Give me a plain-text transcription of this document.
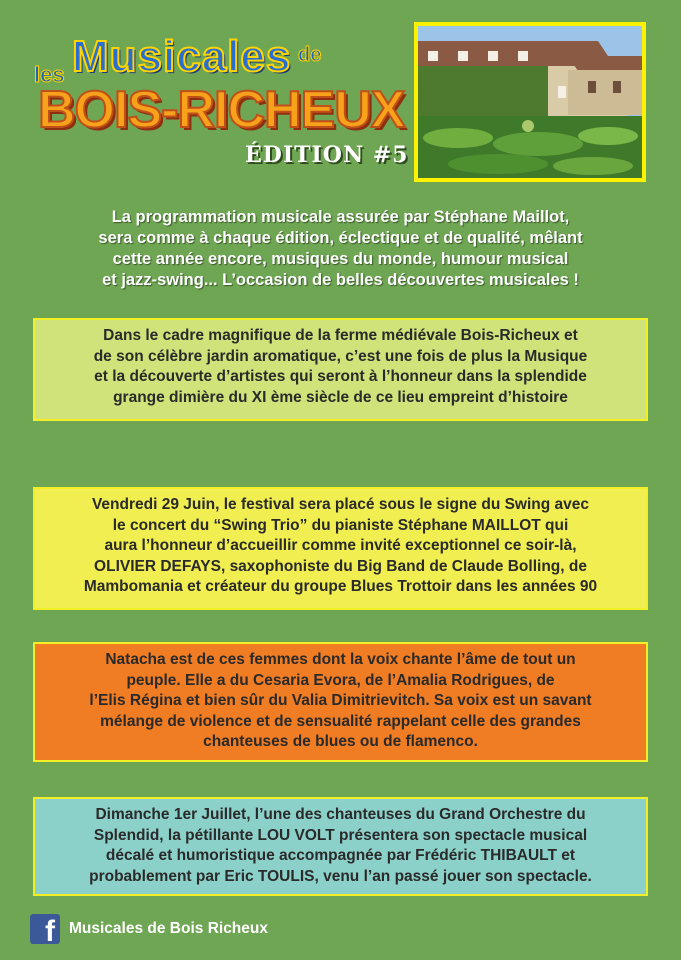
les Musicales de
BOIS-RICHEUX
ÉDITION #5
La programmation musicale assurée par Stéphane Maillot,
sera comme à chaque édition, éclectique et de qualité, mêlant
cette année encore, musiques du monde, humour musical
et jazz-swing... L’occasion de belles découvertes musicales !
Dans le cadre magnifique de la ferme médiévale Bois-Richeux et
de son célèbre jardin aromatique, c’est une fois de plus la Musique
et la découverte d’artistes qui seront à l’honneur dans la splendide
grange dimière du XI ème siècle de ce lieu empreint d’histoire
Vendredi 29 Juin, le festival sera placé sous le signe du Swing avec
le concert du “Swing Trio” du pianiste Stéphane MAILLOT qui
aura l’honneur d’accueillir comme invité exceptionnel ce soir-là,
OLIVIER DEFAYS, saxophoniste du Big Band de Claude Bolling, de
Mambomania et créateur du groupe Blues Trottoir dans les années 90
Natacha est de ces femmes dont la voix chante l’âme de tout un
peuple. Elle a du Cesaria Evora, de l’Amalia Rodrigues, de
l’Elis Régina et bien sûr du Valia Dimitrievitch. Sa voix est un savant
mélange de violence et de sensualité rappelant celle des grandes
chanteuses de blues ou de flamenco.
Dimanche 1er Juillet, l’une des chanteuses du Grand Orchestre du
Splendid, la pétillante LOU VOLT présentera son spectacle musical
décalé et humoristique accompagnée par Frédéric THIBAULT et
probablement par Eric TOULIS, venu l’an passé jouer son spectacle.
f Musicales de Bois Richeux
